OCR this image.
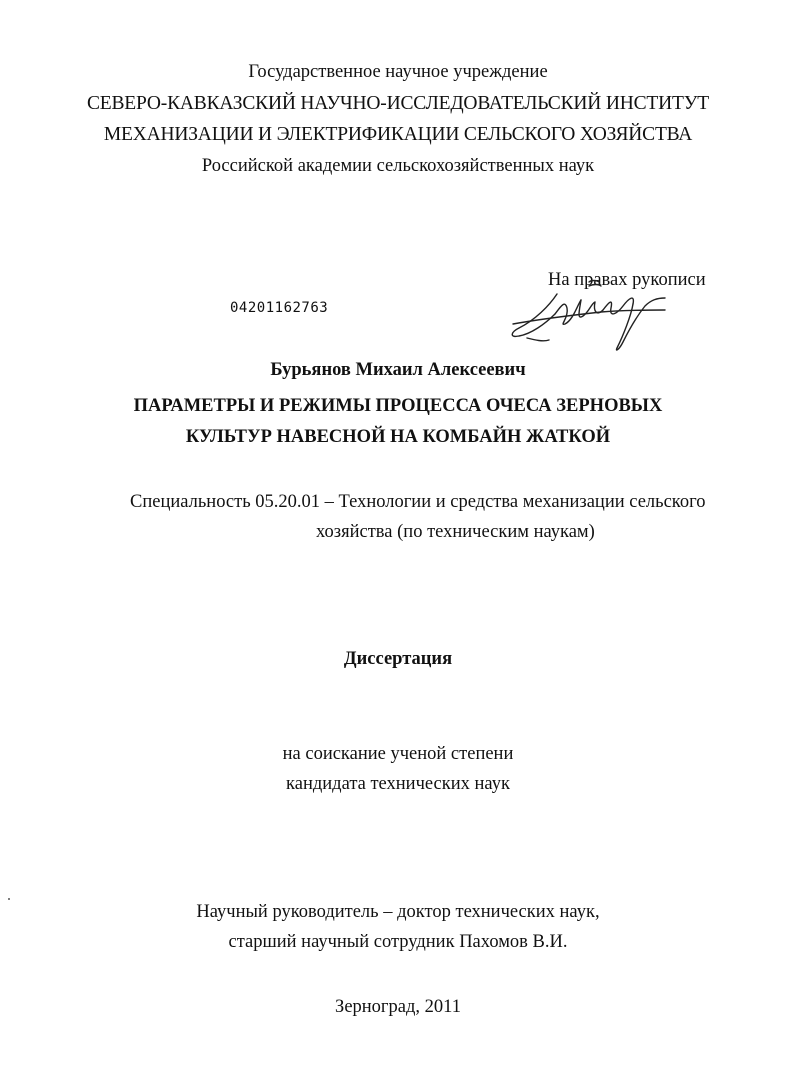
Государственное научное учреждение
СЕВЕРО-КАВКАЗСКИЙ НАУЧНО-ИССЛЕДОВАТЕЛЬСКИЙ ИНСТИТУТ
МЕХАНИЗАЦИИ И ЭЛЕКТРИФИКАЦИИ СЕЛЬСКОГО ХОЗЯЙСТВА
Российской академии сельскохозяйственных наук
На правах рукописи
04201162763
Бурьянов Михаил Алексеевич
ПАРАМЕТРЫ И РЕЖИМЫ ПРОЦЕССА ОЧЕСА ЗЕРНОВЫХ
КУЛЬТУР НАВЕСНОЙ НА КОМБАЙН ЖАТКОЙ
Специальность 05.20.01 – Технологии и средства механизации сельского
хозяйства (по техническим наукам)
Диссертация
на соискание ученой степени
кандидата технических наук
Научный руководитель – доктор технических наук,
старший научный сотрудник Пахомов В.И.
Зерноград, 2011
